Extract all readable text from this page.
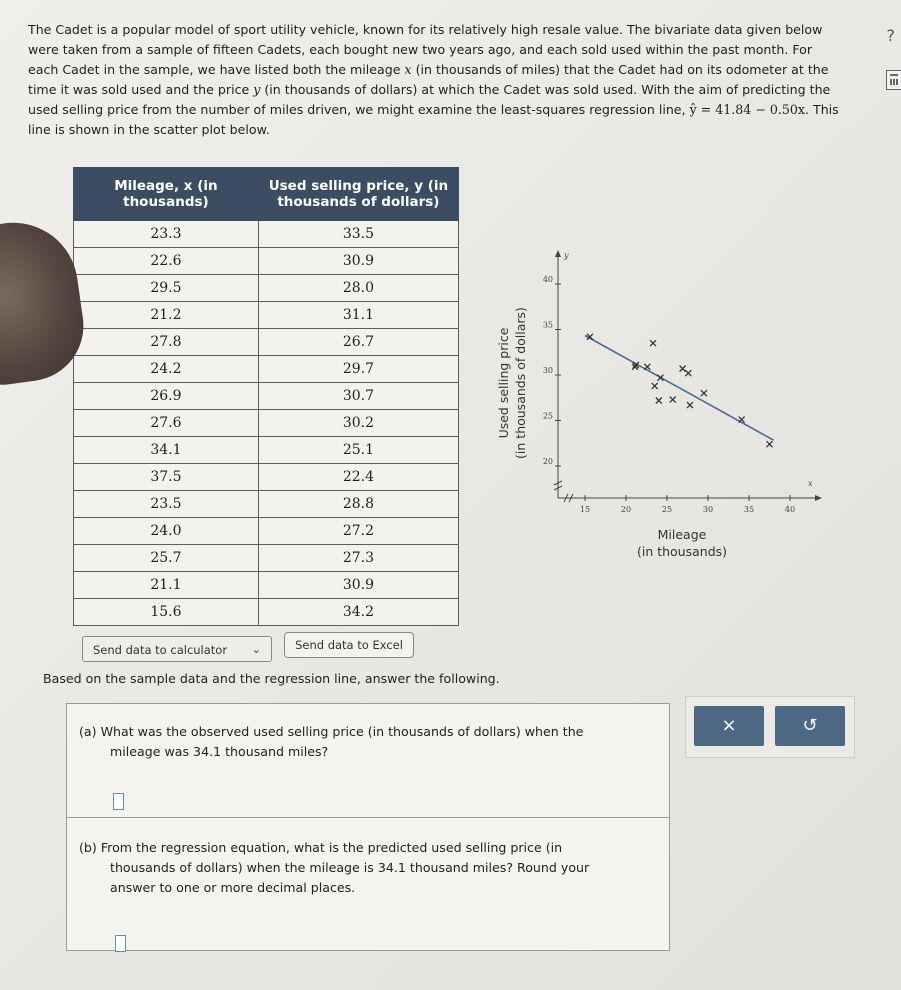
The Cadet is a popular model of sport utility vehicle, known for its relatively high resale value. The bivariate data given below were taken from a sample of fifteen Cadets, each bought new two years ago, and each sold used within the past month. For each Cadet in the sample, we have listed both the mileage x (in thousands of miles) that the Cadet had on its odometer at the time it was sold used and the price y (in thousands of dollars) at which the Cadet was sold used. With the aim of predicting the used selling price from the number of miles driven, we might examine the least-squares regression line, ŷ = 41.84 − 0.50x. This line is shown in the scatter plot below.
?
Mileage, x (in thousands)	Used selling price, y (in thousands of dollars)
23.3	33.5
22.6	30.9
29.5	28.0
21.2	31.1
27.8	26.7
24.2	29.7
26.9	30.7
27.6	30.2
34.1	25.1
37.5	22.4
23.5	28.8
24.0	27.2
25.7	27.3
21.1	30.9
15.6	34.2
Send data to calculator ⌄	Send data to Excel
x
y
15	20	25	30	35	40
20
25
30
35
40
Used selling price (in thousands of dollars)
Mileage
(in thousands)
Based on the sample data and the regression line, answer the following.
(a) What was the observed used selling price (in thousands of dollars) when the
mileage was 34.1 thousand miles?
(b) From the regression equation, what is the predicted used selling price (in
thousands of dollars) when the mileage is 34.1 thousand miles? Round your
answer to one or more decimal places.
×	↺
